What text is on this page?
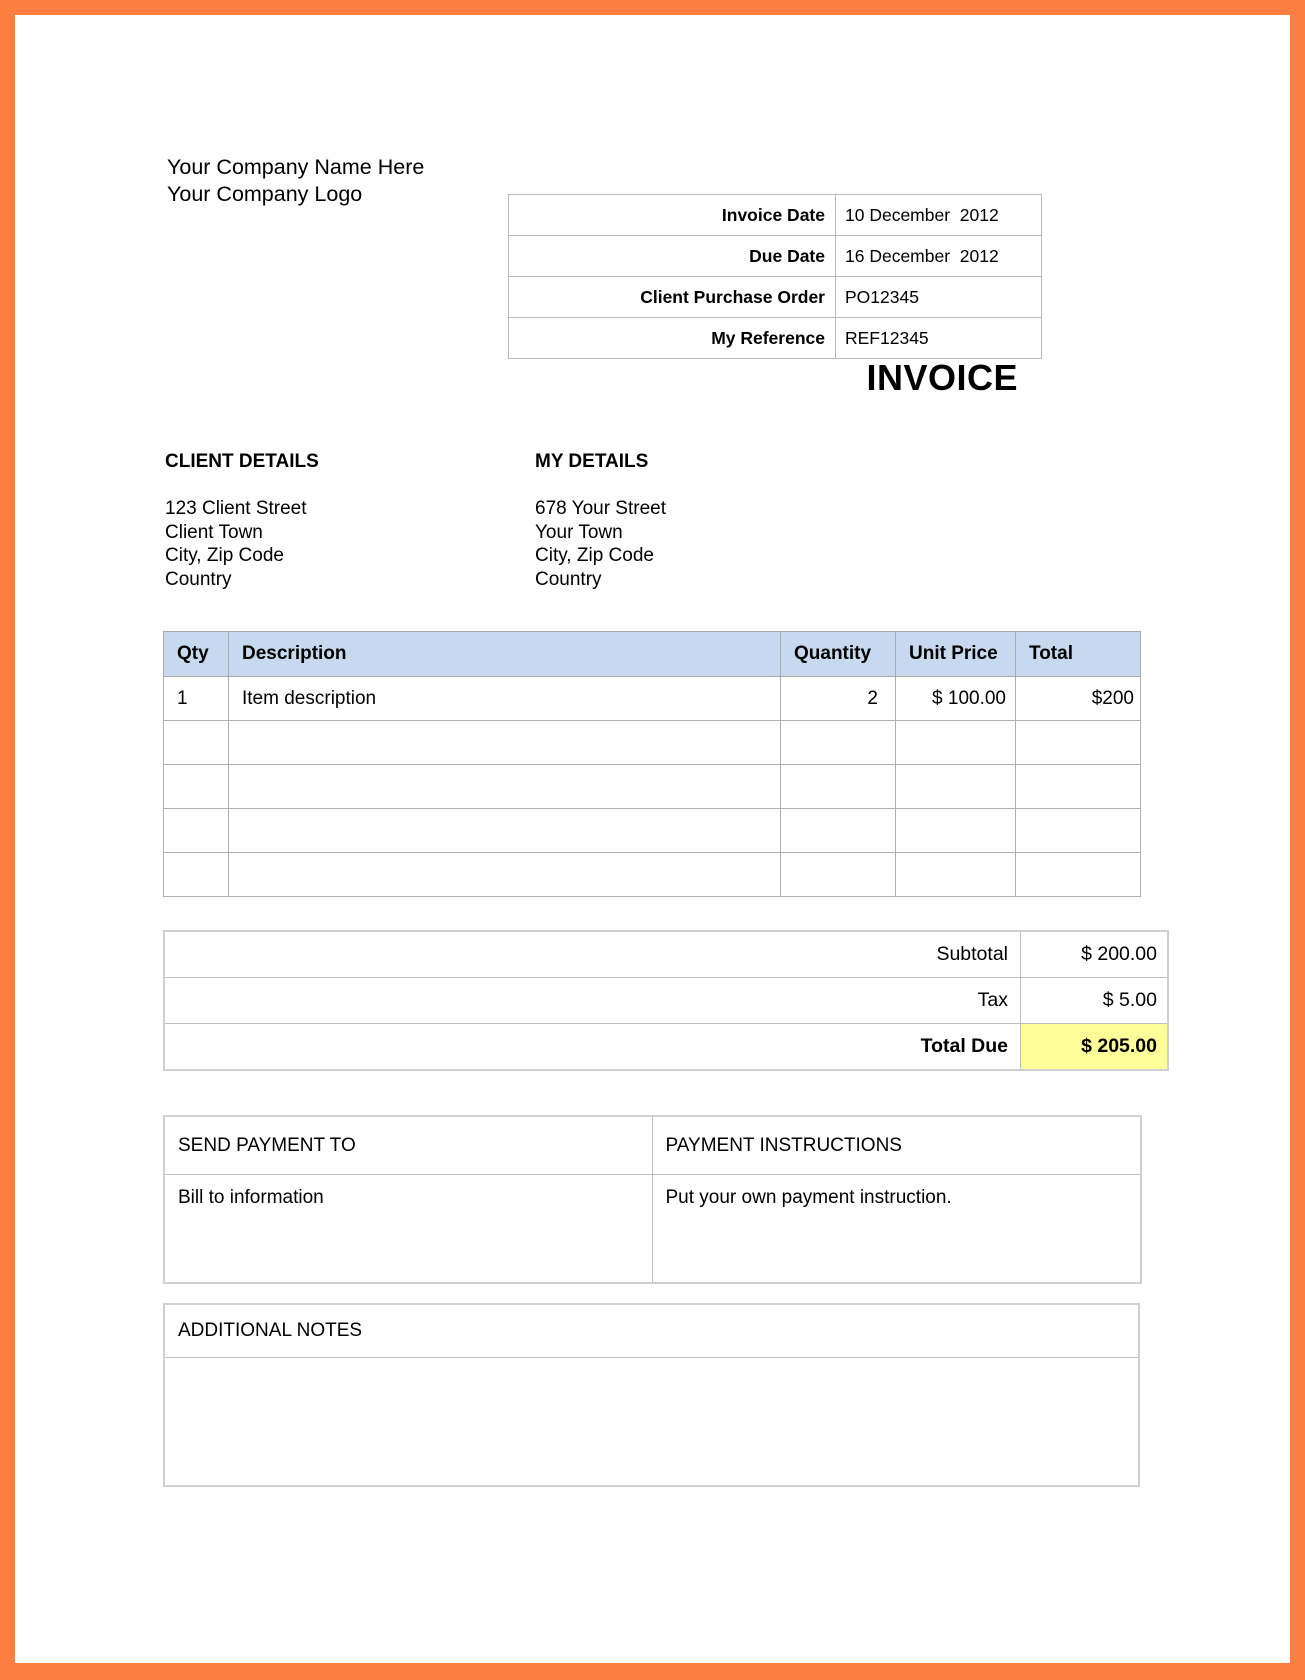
Your Company Name Here
Your Company Logo
Invoice Date	10 December  2012
Due Date	16 December  2012
Client Purchase Order	PO12345
My Reference	REF12345
INVOICE
CLIENT DETAILS
123 Client Street
Client Town
City, Zip Code
Country
MY DETAILS
678 Your Street
Your Town
City, Zip Code
Country
Qty	Description	Quantity	Unit Price	Total
1	Item description	2	$ 100.00	$200

Subtotal	$ 200.00
Tax	$ 5.00
Total Due	$ 205.00
SEND PAYMENT TO	PAYMENT INSTRUCTIONS
Bill to information	Put your own payment instruction.
ADDITIONAL NOTES
